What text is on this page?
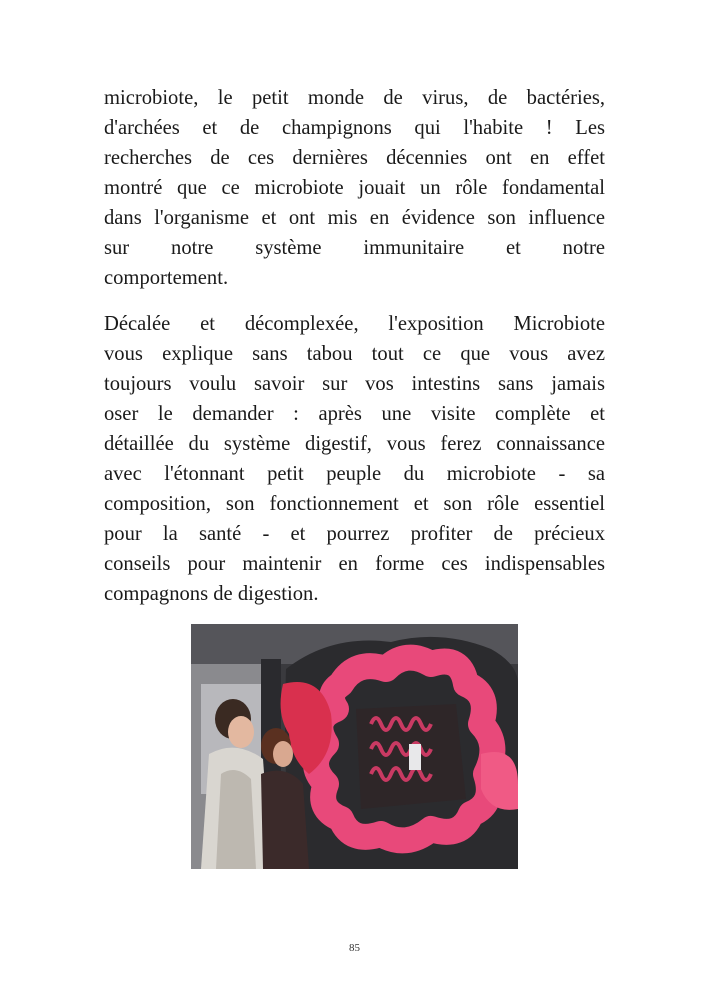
microbiote, le petit monde de virus, de bactéries,
d'archées et de champignons qui l'habite ! Les
recherches de ces dernières décennies ont en effet
montré que ce microbiote jouait un rôle fondamental
dans l'organisme et ont mis en évidence son influence
sur notre système immunitaire et notre
comportement.
Décalée et décomplexée, l'exposition Microbiote
vous explique sans tabou tout ce que vous avez
toujours voulu savoir sur vos intestins sans jamais
oser le demander : après une visite complète et
détaillée du système digestif, vous ferez connaissance
avec l'étonnant petit peuple du microbiote - sa
composition, son fonctionnement et son rôle essentiel
pour la santé - et pourrez profiter de précieux
conseils pour maintenir en forme ces indispensables
compagnons de digestion.
85
